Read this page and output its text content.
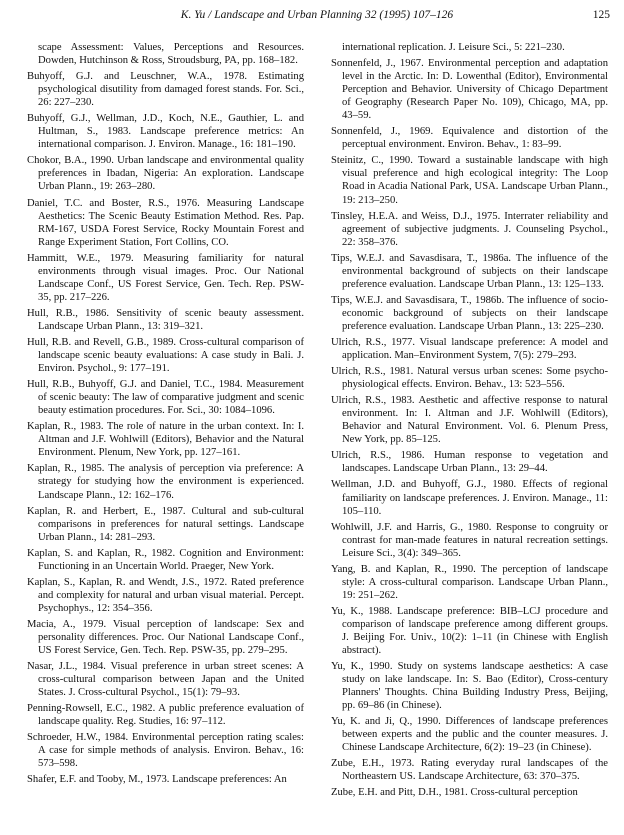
K. Yu / Landscape and Urban Planning 32 (1995) 107–126	125

scape Assessment: Values, Perceptions and Resources. Dowden, Hutchinson & Ross, Stroudsburg, PA, pp. 168–182.

Buhyoff, G.J. and Leuschner, W.A., 1978. Estimating psychological disutility from damaged forest stands. For. Sci., 26: 227–230.

Buhyoff, G.J., Wellman, J.D., Koch, N.E., Gauthier, L. and Hultman, S., 1983. Landscape preference metrics: An international comparison. J. Environ. Manage., 16: 181–190.

Chokor, B.A., 1990. Urban landscape and environmental quality preferences in Ibadan, Nigeria: An exploration. Landscape Urban Plann., 19: 263–280.

Daniel, T.C. and Boster, R.S., 1976. Measuring Landscape Aesthetics: The Scenic Beauty Estimation Method. Res. Pap. RM-167, USDA Forest Service, Rocky Mountain Forest and Range Experiment Station, Fort Collins, CO.

Hammitt, W.E., 1979. Measuring familiarity for natural environments through visual images. Proc. Our National Landscape Conf., US Forest Service, Gen. Tech. Rep. PSW-35, pp. 217–226.

Hull, R.B., 1986. Sensitivity of scenic beauty assessment. Landscape Urban Plann., 13: 319–321.

Hull, R.B. and Revell, G.B., 1989. Cross-cultural comparison of landscape scenic beauty evaluations: A case study in Bali. J. Environ. Psychol., 9: 177–191.

Hull, R.B., Buhyoff, G.J. and Daniel, T.C., 1984. Measurement of scenic beauty: The law of comparative judgment and scenic beauty estimation procedures. For. Sci., 30: 1084–1096.

Kaplan, R., 1983. The role of nature in the urban context. In: I. Altman and J.F. Wohlwill (Editors), Behavior and the Natural Environment. Plenum, New York, pp. 127–161.

Kaplan, R., 1985. The analysis of perception via preference: A strategy for studying how the environment is experienced. Landscape Plann., 12: 162–176.

Kaplan, R. and Herbert, E., 1987. Cultural and sub-cultural comparisons in preferences for natural settings. Landscape Urban Plann., 14: 281–293.

Kaplan, S. and Kaplan, R., 1982. Cognition and Environment: Functioning in an Uncertain World. Praeger, New York.

Kaplan, S., Kaplan, R. and Wendt, J.S., 1972. Rated preference and complexity for natural and urban visual material. Percept. Psychophys., 12: 354–356.

Macia, A., 1979. Visual perception of landscape: Sex and personality differences. Proc. Our National Landscape Conf., US Forest Service, Gen. Tech. Rep. PSW-35, pp. 279–295.

Nasar, J.L., 1984. Visual preference in urban street scenes: A cross-cultural comparison between Japan and the United States. J. Cross-cultural Psychol., 15(1): 79–93.

Penning-Rowsell, E.C., 1982. A public preference evaluation of landscape quality. Reg. Studies, 16: 97–112.

Schroeder, H.W., 1984. Environmental perception rating scales: A case for simple methods of analysis. Environ. Behav., 16: 573–598.

Shafer, E.F. and Tooby, M., 1973. Landscape preferences: An

international replication. J. Leisure Sci., 5: 221–230.

Sonnenfeld, J., 1967. Environmental perception and adaptation level in the Arctic. In: D. Lowenthal (Editor), Environmental Perception and Behavior. University of Chicago Department of Geography (Research Paper No. 109), Chicago, MA, pp. 43–59.

Sonnenfeld, J., 1969. Equivalence and distortion of the perceptual environment. Environ. Behav., 1: 83–99.

Steinitz, C., 1990. Toward a sustainable landscape with high visual preference and high ecological integrity: The Loop Road in Acadia National Park, USA. Landscape Urban Plann., 19: 213–250.

Tinsley, H.E.A. and Weiss, D.J., 1975. Interrater reliability and agreement of subjective judgments. J. Counseling Psychol., 22: 358–376.

Tips, W.E.J. and Savasdisara, T., 1986a. The influence of the environmental background of subjects on their landscape preference evaluation. Landscape Urban Plann., 13: 125–133.

Tips, W.E.J. and Savasdisara, T., 1986b. The influence of socio-economic background of subjects on their landscape preference evaluation. Landscape Urban Plann., 13: 225–230.

Ulrich, R.S., 1977. Visual landscape preference: A model and application. Man–Environment System, 7(5): 279–293.

Ulrich, R.S., 1981. Natural versus urban scenes: Some psycho-physiological effects. Environ. Behav., 13: 523–556.

Ulrich, R.S., 1983. Aesthetic and affective response to natural environment. In: I. Altman and J.F. Wohlwill (Editors), Behavior and Natural Environment. Vol. 6. Plenum Press, New York, pp. 85–125.

Ulrich, R.S., 1986. Human response to vegetation and landscapes. Landscape Urban Plann., 13: 29–44.

Wellman, J.D. and Buhyoff, G.J., 1980. Effects of regional familiarity on landscape preferences. J. Environ. Manage., 11: 105–110.

Wohlwill, J.F. and Harris, G., 1980. Response to congruity or contrast for man-made features in natural recreation settings. Leisure Sci., 3(4): 349–365.

Yang, B. and Kaplan, R., 1990. The perception of landscape style: A cross-cultural comparison. Landscape Urban Plann., 19: 251–262.

Yu, K., 1988. Landscape preference: BIB–LCJ procedure and comparison of landscape preference among different groups. J. Beijing For. Univ., 10(2): 1–11 (in Chinese with English abstract).

Yu, K., 1990. Study on systems landscape aesthetics: A case study on lake landscape. In: S. Bao (Editor), Cross-century Planners' Thoughts. China Building Industry Press, Beijing, pp. 69–86 (in Chinese).

Yu, K. and Ji, Q., 1990. Differences of landscape preferences between experts and the public and the counter measures. J. Chinese Landscape Architecture, 6(2): 19–23 (in Chinese).

Zube, E.H., 1973. Rating everyday rural landscapes of the Northeastern US. Landscape Architecture, 63: 370–375.

Zube, E.H. and Pitt, D.H., 1981. Cross-cultural perception
